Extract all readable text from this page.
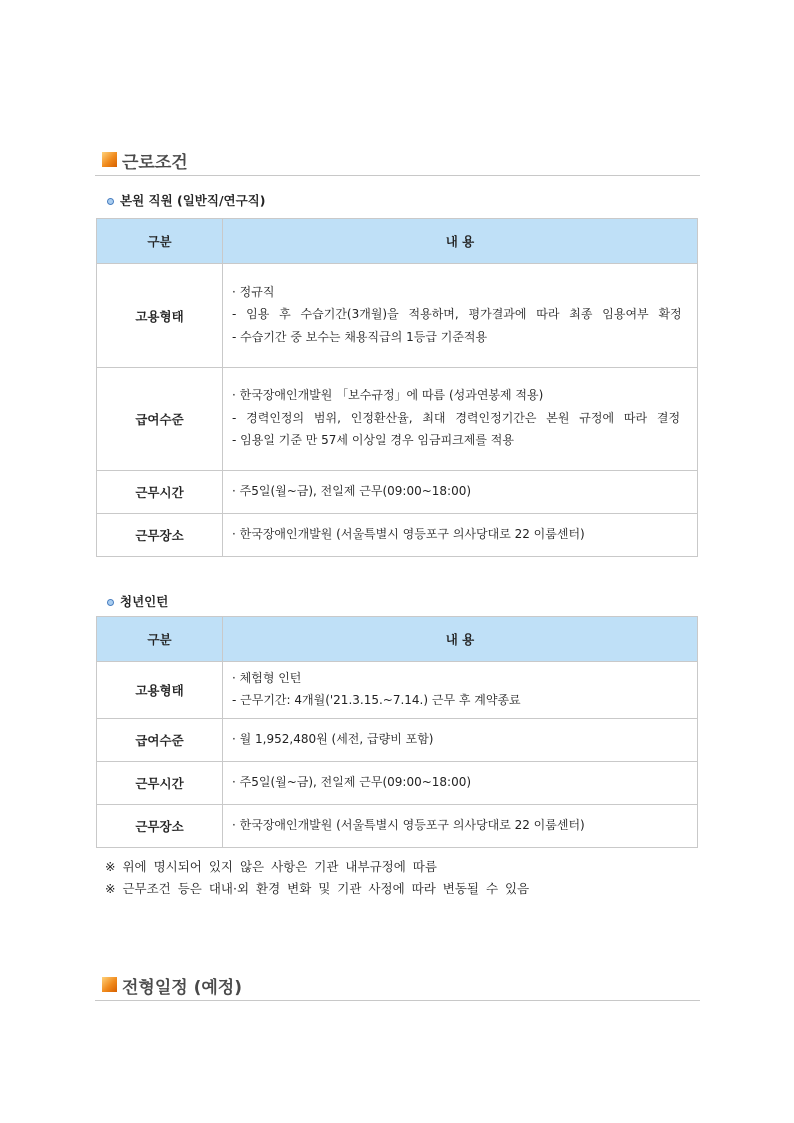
근로조건
본원 직원 (일반직/연구직)
구분	내 용
고용형태	· 정규직
- 임용 후 수습기간(3개월)을 적용하며, 평가결과에 따라 최종 임용여부 확정
- 수습기간 중 보수는 채용직급의 1등급 기준적용

급여수준	· 한국장애인개발원 「보수규정」에 따름 (성과연봉제 적용)
- 경력인정의 범위, 인정환산율, 최대 경력인정기간은 본원 규정에 따라 결정
- 임용일 기준 만 57세 이상일 경우 임금피크제를 적용

근무시간	· 주5일(월~금), 전일제 근무(09:00~18:00)

근무장소	· 한국장애인개발원 (서울특별시 영등포구 의사당대로 22 이룸센터)
청년인턴
구분	내 용
고용형태	· 체험형 인턴
- 근무기간: 4개월('21.3.15.~7.14.) 근무 후 계약종료

급여수준	· 월 1,952,480원 (세전, 급량비 포함)

근무시간	· 주5일(월~금), 전일제 근무(09:00~18:00)

근무장소	· 한국장애인개발원 (서울특별시 영등포구 의사당대로 22 이룸센터)
※ 위에 명시되어 있지 않은 사항은 기관 내부규정에 따름
※ 근무조건 등은 대내·외 환경 변화 및 기관 사정에 따라 변동될 수 있음
전형일정 (예정)
